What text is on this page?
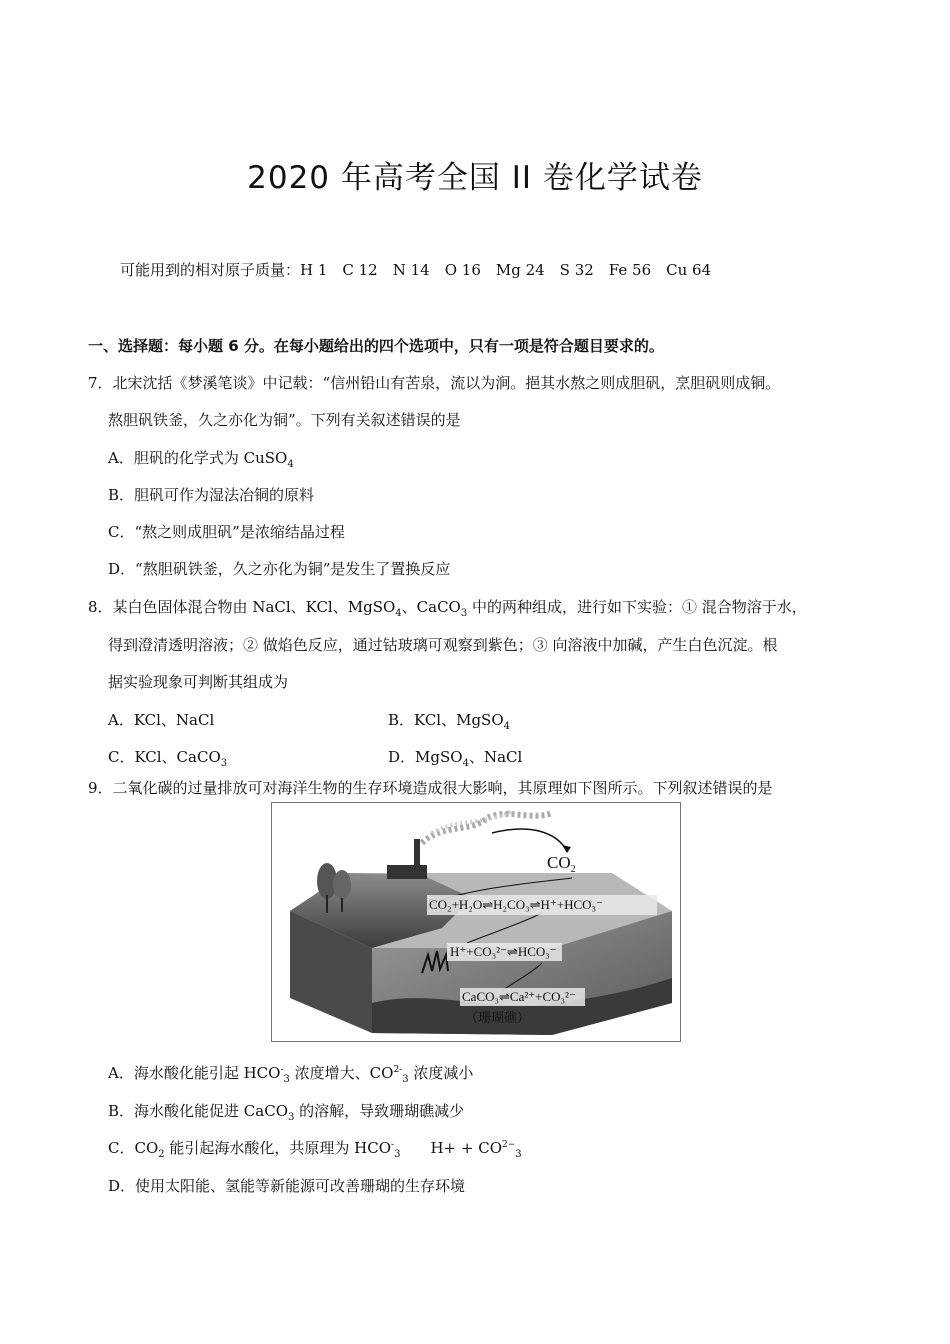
2020 年高考全国 II 卷化学试卷
可能用到的相对原子质量：H 1　C 12　N 14　O 16　Mg 24　S 32　Fe 56　Cu 64
一、选择题：每小题 6 分。在每小题给出的四个选项中，只有一项是符合题目要求的。
7．北宋沈括《梦溪笔谈》中记载：“信州铅山有苦泉，流以为涧。挹其水熬之则成胆矾，烹胆矾则成铜。
熬胆矾铁釜，久之亦化为铜”。下列有关叙述错误的是
A．胆矾的化学式为 CuSO$_4$
B．胆矾可作为湿法冶铜的原料
C．“熬之则成胆矾”是浓缩结晶过程
D．“熬胆矾铁釜，久之亦化为铜”是发生了置换反应
8．某白色固体混合物由 NaCl、KCl、MgSO$_4$、CaCO$_3$ 中的两种组成，进行如下实验：① 混合物溶于水，
得到澄清透明溶液；② 做焰色反应，通过钴玻璃可观察到紫色；③ 向溶液中加碱，产生白色沉淀。根
据实验现象可判断其组成为
A．KCl、NaCl	B．KCl、MgSO$_4$
C．KCl、CaCO$_3$	D．MgSO$_4$、NaCl
9．二氧化碳的过量排放可对海洋生物的生存环境造成很大影响，其原理如下图所示。下列叙述错误的是
$CO_2$
CO₂+H₂O⇌H₂CO₃⇌H⁺+HCO₃⁻
H⁺+CO₃²⁻⇌HCO₃⁻
CaCO₃⇌Ca²⁺+CO₃²⁻
（珊瑚礁）
A．海水酸化能引起 $HCO^-_3$ 浓度增大、$CO^{2-}_3$ 浓度减小
B．海水酸化能促进 CaCO$_3$ 的溶解，导致珊瑚礁减少
C．$CO_2$ 能引起海水酸化，共原理为 $HCO^-_3$ $H+ + CO^{2-}_3$
D．使用太阳能、氢能等新能源可改善珊瑚的生存环境
